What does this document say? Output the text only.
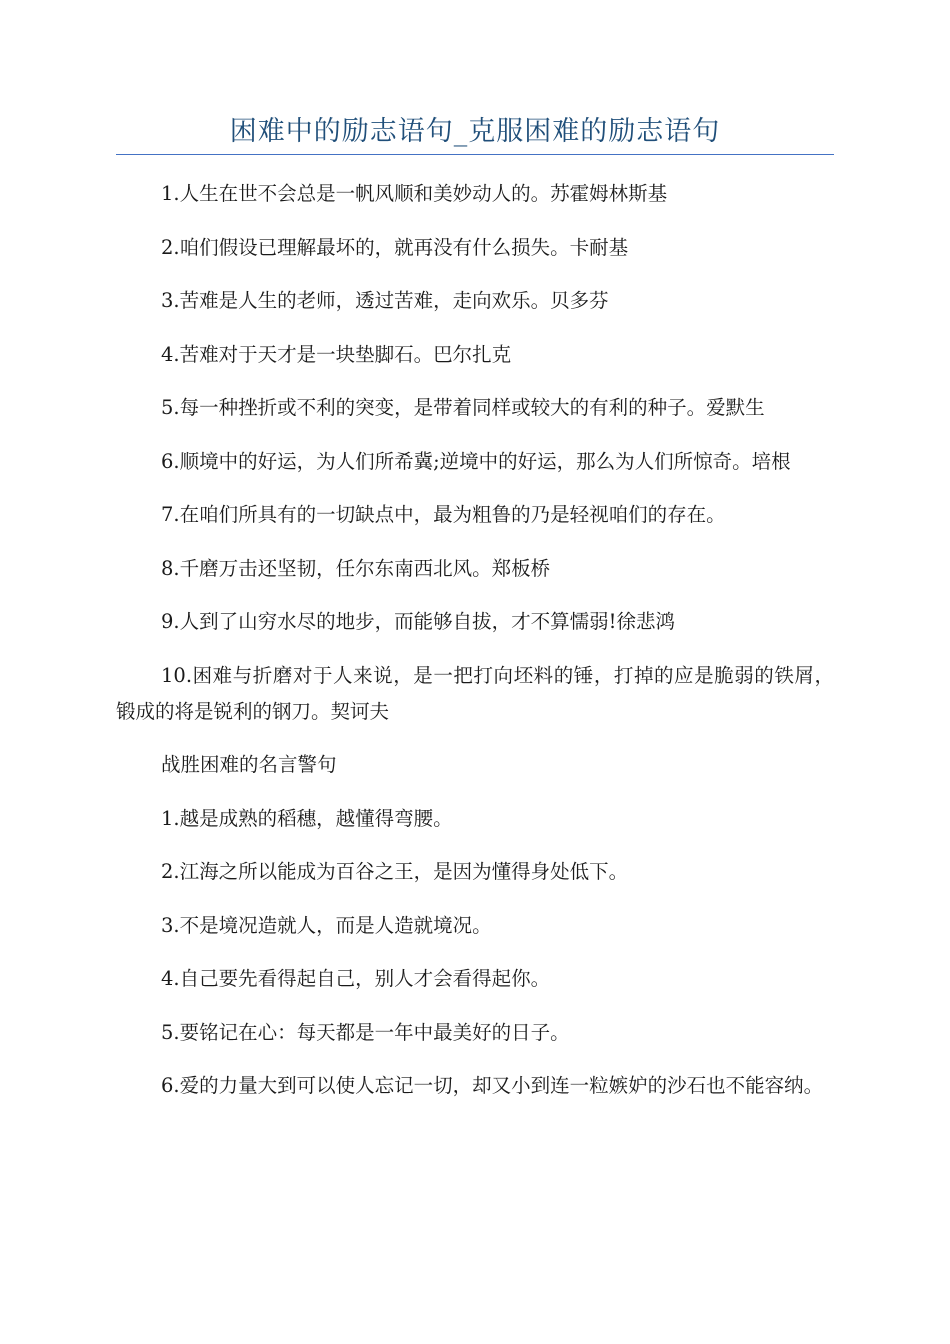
困难中的励志语句_克服困难的励志语句

1.人生在世不会总是一帆风顺和美妙动人的。苏霍姆林斯基

2.咱们假设已理解最坏的，就再没有什么损失。卡耐基

3.苦难是人生的老师，透过苦难，走向欢乐。贝多芬

4.苦难对于天才是一块垫脚石。巴尔扎克

5.每一种挫折或不利的突变，是带着同样或较大的有利的种子。爱默生

6.顺境中的好运，为人们所希冀;逆境中的好运，那么为人们所惊奇。培根

7.在咱们所具有的一切缺点中，最为粗鲁的乃是轻视咱们的存在。

8.千磨万击还坚韧，任尔东南西北风。郑板桥

9.人到了山穷水尽的地步，而能够自拔，才不算懦弱!徐悲鸿

10.困难与折磨对于人来说，是一把打向坯料的锤，打掉的应是脆弱的铁屑，锻成的将是锐利的钢刀。契诃夫

战胜困难的名言警句

1.越是成熟的稻穗，越懂得弯腰。

2.江海之所以能成为百谷之王，是因为懂得身处低下。

3.不是境况造就人，而是人造就境况。

4.自己要先看得起自己，别人才会看得起你。

5.要铭记在心：每天都是一年中最美好的日子。

6.爱的力量大到可以使人忘记一切，却又小到连一粒嫉妒的沙石也不能容纳。
